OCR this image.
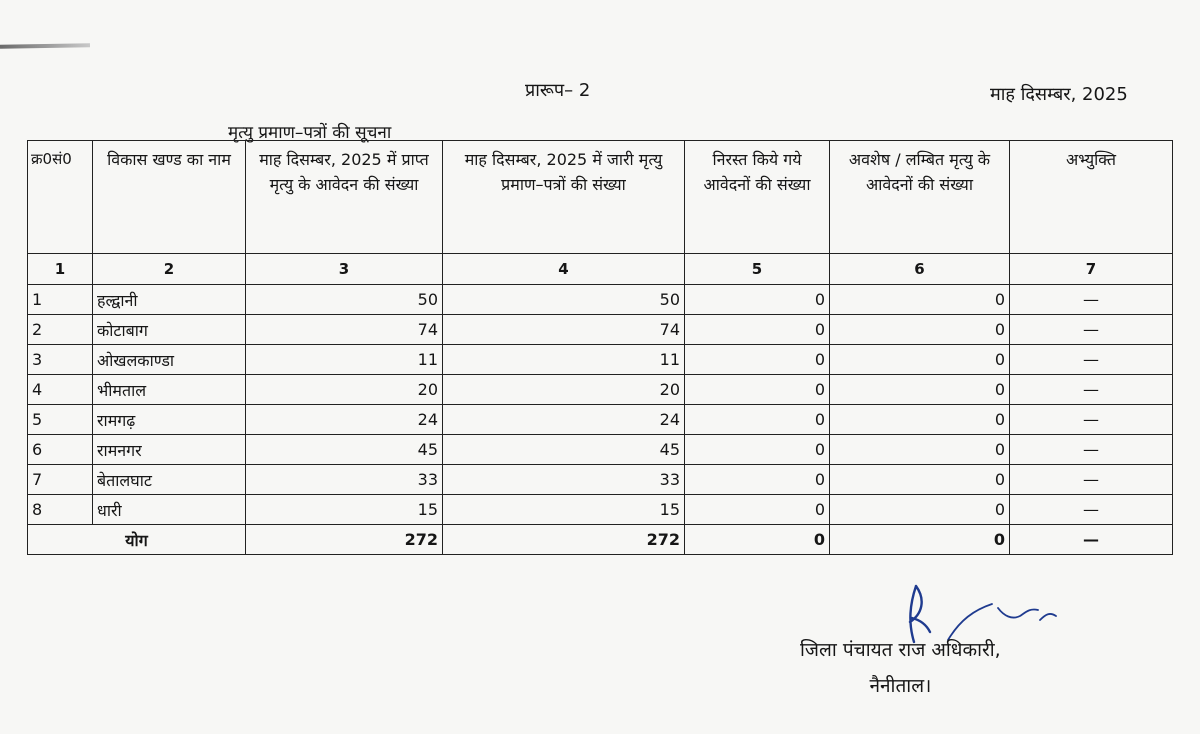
प्रारूप– 2	माह दिसम्बर, 2025
मृत्यु प्रमाण–पत्रों की सूचना
क्र0सं0	विकास खण्ड का नाम	माह दिसम्बर, 2025 में प्राप्त मृत्यु के आवेदन की संख्या	माह दिसम्बर, 2025 में जारी मृत्यु प्रमाण–पत्रों की संख्या	निरस्त किये गये आवेदनों की संख्या	अवशेष / लम्बित मृत्यु के आवेदनों की संख्या	अभ्युक्ति
1	2	3	4	5	6	7
1	हल्द्वानी	50	50	0	0	—
2	कोटाबाग	74	74	0	0	—
3	ओखलकाण्डा	11	11	0	0	—
4	भीमताल	20	20	0	0	—
5	रामगढ़	24	24	0	0	—
6	रामनगर	45	45	0	0	—
7	बेतालघाट	33	33	0	0	—
8	धारी	15	15	0	0	—
योग		272	272	0	0	—
जिला पंचायत राज अधिकारी,
नैनीताल।
